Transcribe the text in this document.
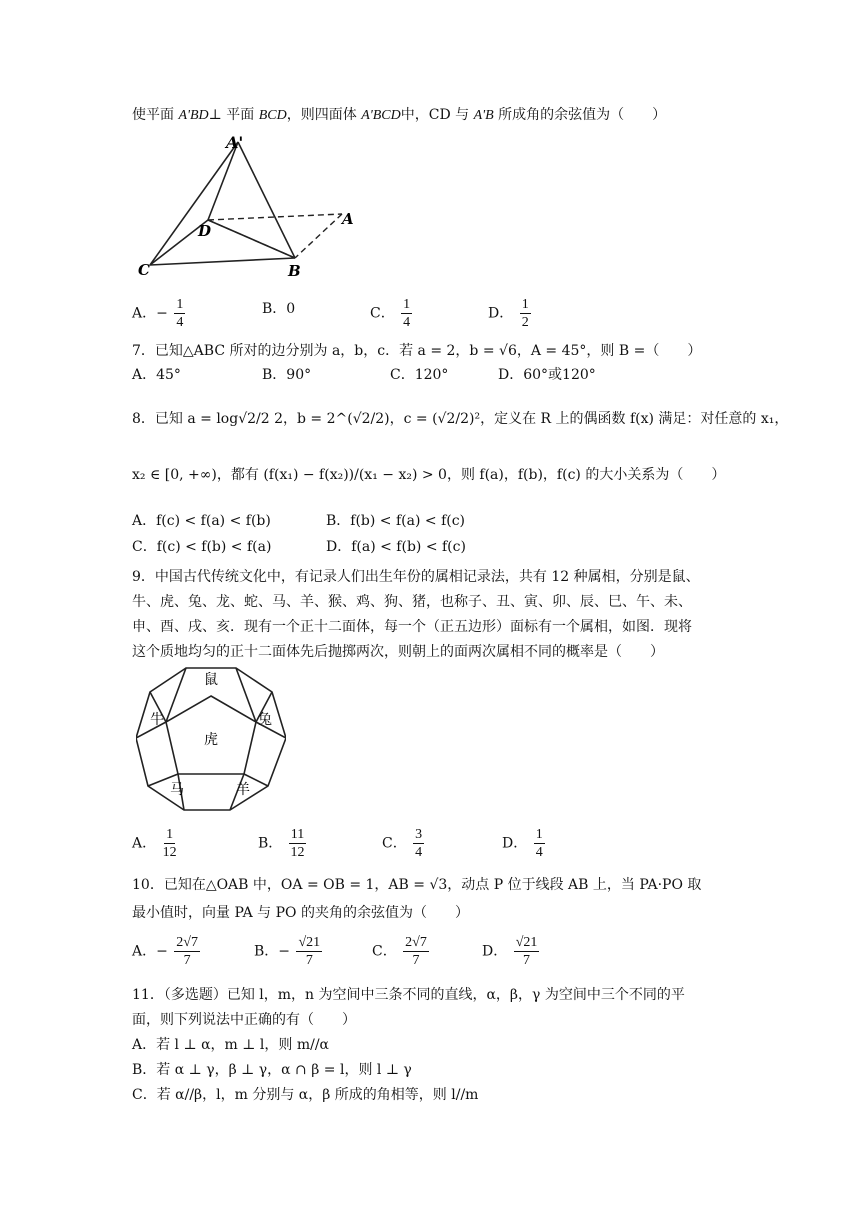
使平面 A'BD⊥ 平面 BCD，则四面体 A'BCD中，CD 与 A'B 所成角的余弦值为（　　）
A'
D
A
C	B
A．− $\frac{1}{4}$	B．0	C． $\frac{1}{4}$	D． $\frac{1}{2}$
7．已知△ABC 所对的边分别为 a，b，c．若 a = 2，b = √6，A = 45°，则 B =（　　）
A．45°	B．90°	C．120°	D．60°或120°
8．已知 a = log√2/2 2，b = 2^(√2/2)，c = (√2/2)²，定义在 R 上的偶函数 f(x) 满足：对任意的 x₁，
x₂ ∈ [0, +∞)，都有 (f(x₁) − f(x₂))/(x₁ − x₂) > 0，则 f(a)，f(b)，f(c) 的大小关系为（　　）
A．f(c) < f(a) < f(b)	B．f(b) < f(a) < f(c)
C．f(c) < f(b) < f(a)	D．f(a) < f(b) < f(c)
9．中国古代传统文化中，有记录人们出生年份的属相记录法，共有 12 种属相，分别是鼠、
牛、虎、兔、龙、蛇、马、羊、猴、鸡、狗、猪，也称子、丑、寅、卯、辰、巳、午、未、
申、酉、戌、亥．现有一个正十二面体，每一个（正五边形）面标有一个属相，如图．现将
这个质地均匀的正十二面体先后抛掷两次，则朝上的面两次属相不同的概率是（　　）
鼠
牛	兔
虎
马	羊
A． $\frac{1}{12}$	B． $\frac{11}{12}$	C． $\frac{3}{4}$	D． $\frac{1}{4}$
10．已知在△OAB 中，OA = OB = 1，AB = √3，动点 P 位于线段 AB 上，当 PA·PO 取
最小值时，向量 PA 与 PO 的夹角的余弦值为（　　）
A．− $\frac{2√7}{7}$	B．− $\frac{√21}{7}$	C． $\frac{2√7}{7}$	D． $\frac{√21}{7}$
11．（多选题）已知 l，m，n 为空间中三条不同的直线，α，β，γ 为空间中三个不同的平
面，则下列说法中正确的有（　　）
A．若 l ⊥ α，m ⊥ l，则 m//α
B．若 α ⊥ γ，β ⊥ γ，α ∩ β = l，则 l ⊥ γ
C．若 α//β，l，m 分别与 α，β 所成的角相等，则 l//m
